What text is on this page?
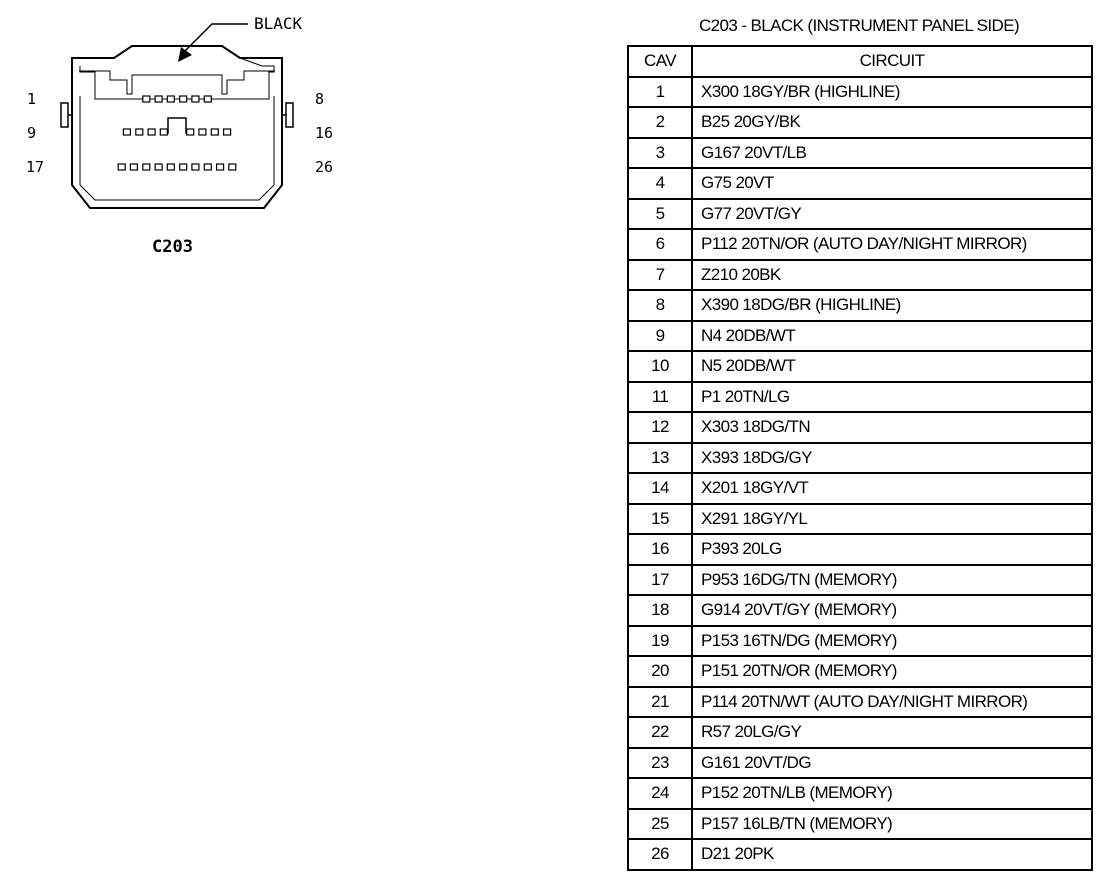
BLACK
1	8
9	16
17	26
C203
C203 - BLACK (INSTRUMENT PANEL SIDE)
CAV	CIRCUIT
1	X300 18GY/BR (HIGHLINE)
2	B25 20GY/BK
3	G167 20VT/LB
4	G75 20VT
5	G77 20VT/GY
6	P112 20TN/OR (AUTO DAY/NIGHT MIRROR)
7	Z210 20BK
8	X390 18DG/BR (HIGHLINE)
9	N4 20DB/WT
10	N5 20DB/WT
11	P1 20TN/LG
12	X303 18DG/TN
13	X393 18DG/GY
14	X201 18GY/VT
15	X291 18GY/YL
16	P393 20LG
17	P953 16DG/TN (MEMORY)
18	G914 20VT/GY (MEMORY)
19	P153 16TN/DG (MEMORY)
20	P151 20TN/OR (MEMORY)
21	P114 20TN/WT (AUTO DAY/NIGHT MIRROR)
22	R57 20LG/GY
23	G161 20VT/DG
24	P152 20TN/LB (MEMORY)
25	P157 16LB/TN (MEMORY)
26	D21 20PK
